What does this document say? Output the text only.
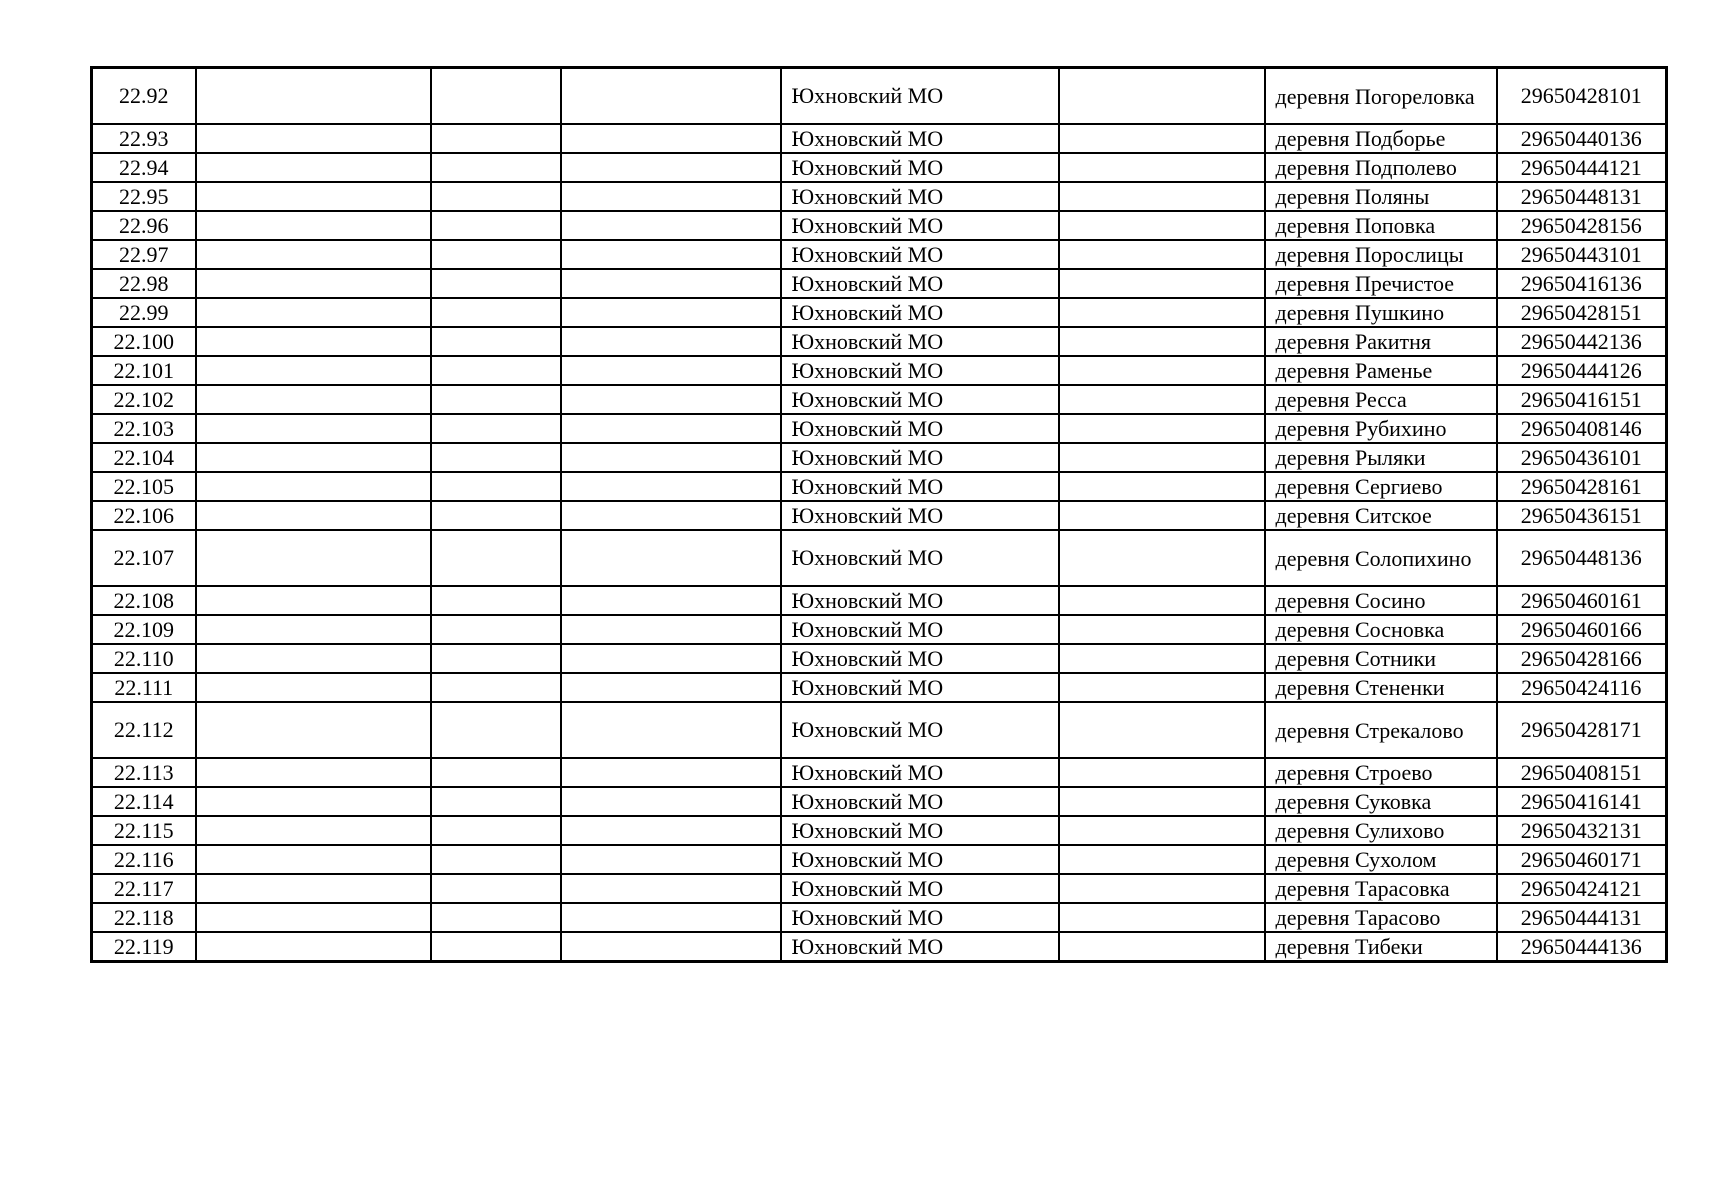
22.92				Юхновский МО		деревня Погореловка	29650428101
22.93				Юхновский МО		деревня Подборье	29650440136
22.94				Юхновский МО		деревня Подполево	29650444121
22.95				Юхновский МО		деревня Поляны	29650448131
22.96				Юхновский МО		деревня Поповка	29650428156
22.97				Юхновский МО		деревня Порослицы	29650443101
22.98				Юхновский МО		деревня Пречистое	29650416136
22.99				Юхновский МО		деревня Пушкино	29650428151
22.100				Юхновский МО		деревня Ракитня	29650442136
22.101				Юхновский МО		деревня Раменье	29650444126
22.102				Юхновский МО		деревня Ресса	29650416151
22.103				Юхновский МО		деревня Рубихино	29650408146
22.104				Юхновский МО		деревня Рыляки	29650436101
22.105				Юхновский МО		деревня Сергиево	29650428161
22.106				Юхновский МО		деревня Ситское	29650436151
22.107				Юхновский МО		деревня Солопихино	29650448136
22.108				Юхновский МО		деревня Сосино	29650460161
22.109				Юхновский МО		деревня Сосновка	29650460166
22.110				Юхновский МО		деревня Сотники	29650428166
22.111				Юхновский МО		деревня Стененки	29650424116
22.112				Юхновский МО		деревня Стрекалово	29650428171
22.113				Юхновский МО		деревня Строево	29650408151
22.114				Юхновский МО		деревня Суковка	29650416141
22.115				Юхновский МО		деревня Сулихово	29650432131
22.116				Юхновский МО		деревня Сухолом	29650460171
22.117				Юхновский МО		деревня Тарасовка	29650424121
22.118				Юхновский МО		деревня Тарасово	29650444131
22.119				Юхновский МО		деревня Тибеки	29650444136
